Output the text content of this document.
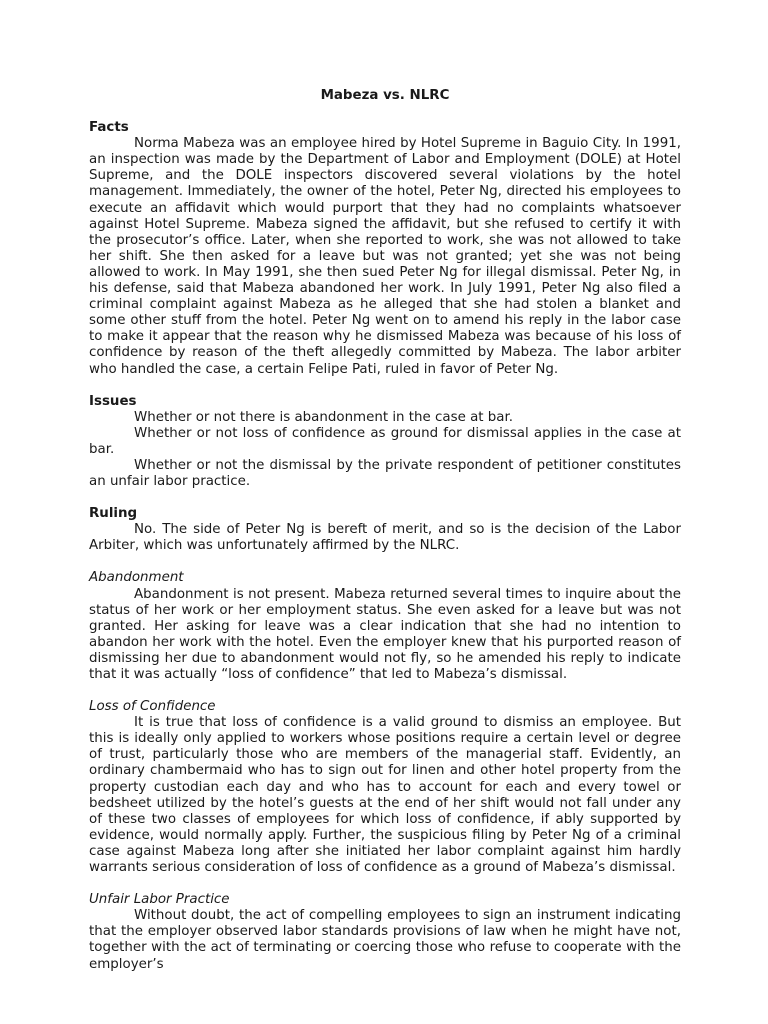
Mabeza vs. NLRC
Facts

Norma Mabeza was an employee hired by Hotel Supreme in Baguio City. In 1991, an inspection was made by the Department of Labor and Employment (DOLE) at Hotel Supreme, and the DOLE inspectors discovered several violations by the hotel management. Immediately, the owner of the hotel, Peter Ng, directed his employees to execute an affidavit which would purport that they had no complaints whatsoever against Hotel Supreme. Mabeza signed the affidavit, but she refused to certify it with the prosecutor’s office. Later, when she reported to work, she was not allowed to take her shift. She then asked for a leave but was not granted; yet she was not being allowed to work. In May 1991, she then sued Peter Ng for illegal dismissal. Peter Ng, in his defense, said that Mabeza abandoned her work. In July 1991, Peter Ng also filed a criminal complaint against Mabeza as he alleged that she had stolen a blanket and some other stuff from the hotel. Peter Ng went on to amend his reply in the labor case to make it appear that the reason why he dismissed Mabeza was because of his loss of confidence by reason of the theft allegedly committed by Mabeza. The labor arbiter who handled the case, a certain Felipe Pati, ruled in favor of Peter Ng.

Issues

Whether or not there is abandonment in the case at bar.

Whether or not loss of confidence as ground for dismissal applies in the case at bar.

Whether or not the dismissal by the private respondent of petitioner constitutes an unfair labor practice.

Ruling

No. The side of Peter Ng is bereft of merit, and so is the decision of the Labor Arbiter, which was unfortunately affirmed by the NLRC.

Abandonment

Abandonment is not present. Mabeza returned several times to inquire about the status of her work or her employment status. She even asked for a leave but was not granted. Her asking for leave was a clear indication that she had no intention to abandon her work with the hotel. Even the employer knew that his purported reason of dismissing her due to abandonment would not fly, so he amended his reply to indicate that it was actually “loss of confidence” that led to Mabeza’s dismissal.

Loss of Confidence

It is true that loss of confidence is a valid ground to dismiss an employee. But this is ideally only applied to workers whose positions require a certain level or degree of trust, particularly those who are members of the managerial staff. Evidently, an ordinary chambermaid who has to sign out for linen and other hotel property from the property custodian each day and who has to account for each and every towel or bedsheet utilized by the hotel’s guests at the end of her shift would not fall under any of these two classes of employees for which loss of confidence, if ably supported by evidence, would normally apply. Further, the suspicious filing by Peter Ng of a criminal case against Mabeza long after she initiated her labor complaint against him hardly warrants serious consideration of loss of confidence as a ground of Mabeza’s dismissal.

Unfair Labor Practice

Without doubt, the act of compelling employees to sign an instrument indicating that the employer observed labor standards provisions of law when he might have not, together with the act of terminating or coercing those who refuse to cooperate with the employer’s
